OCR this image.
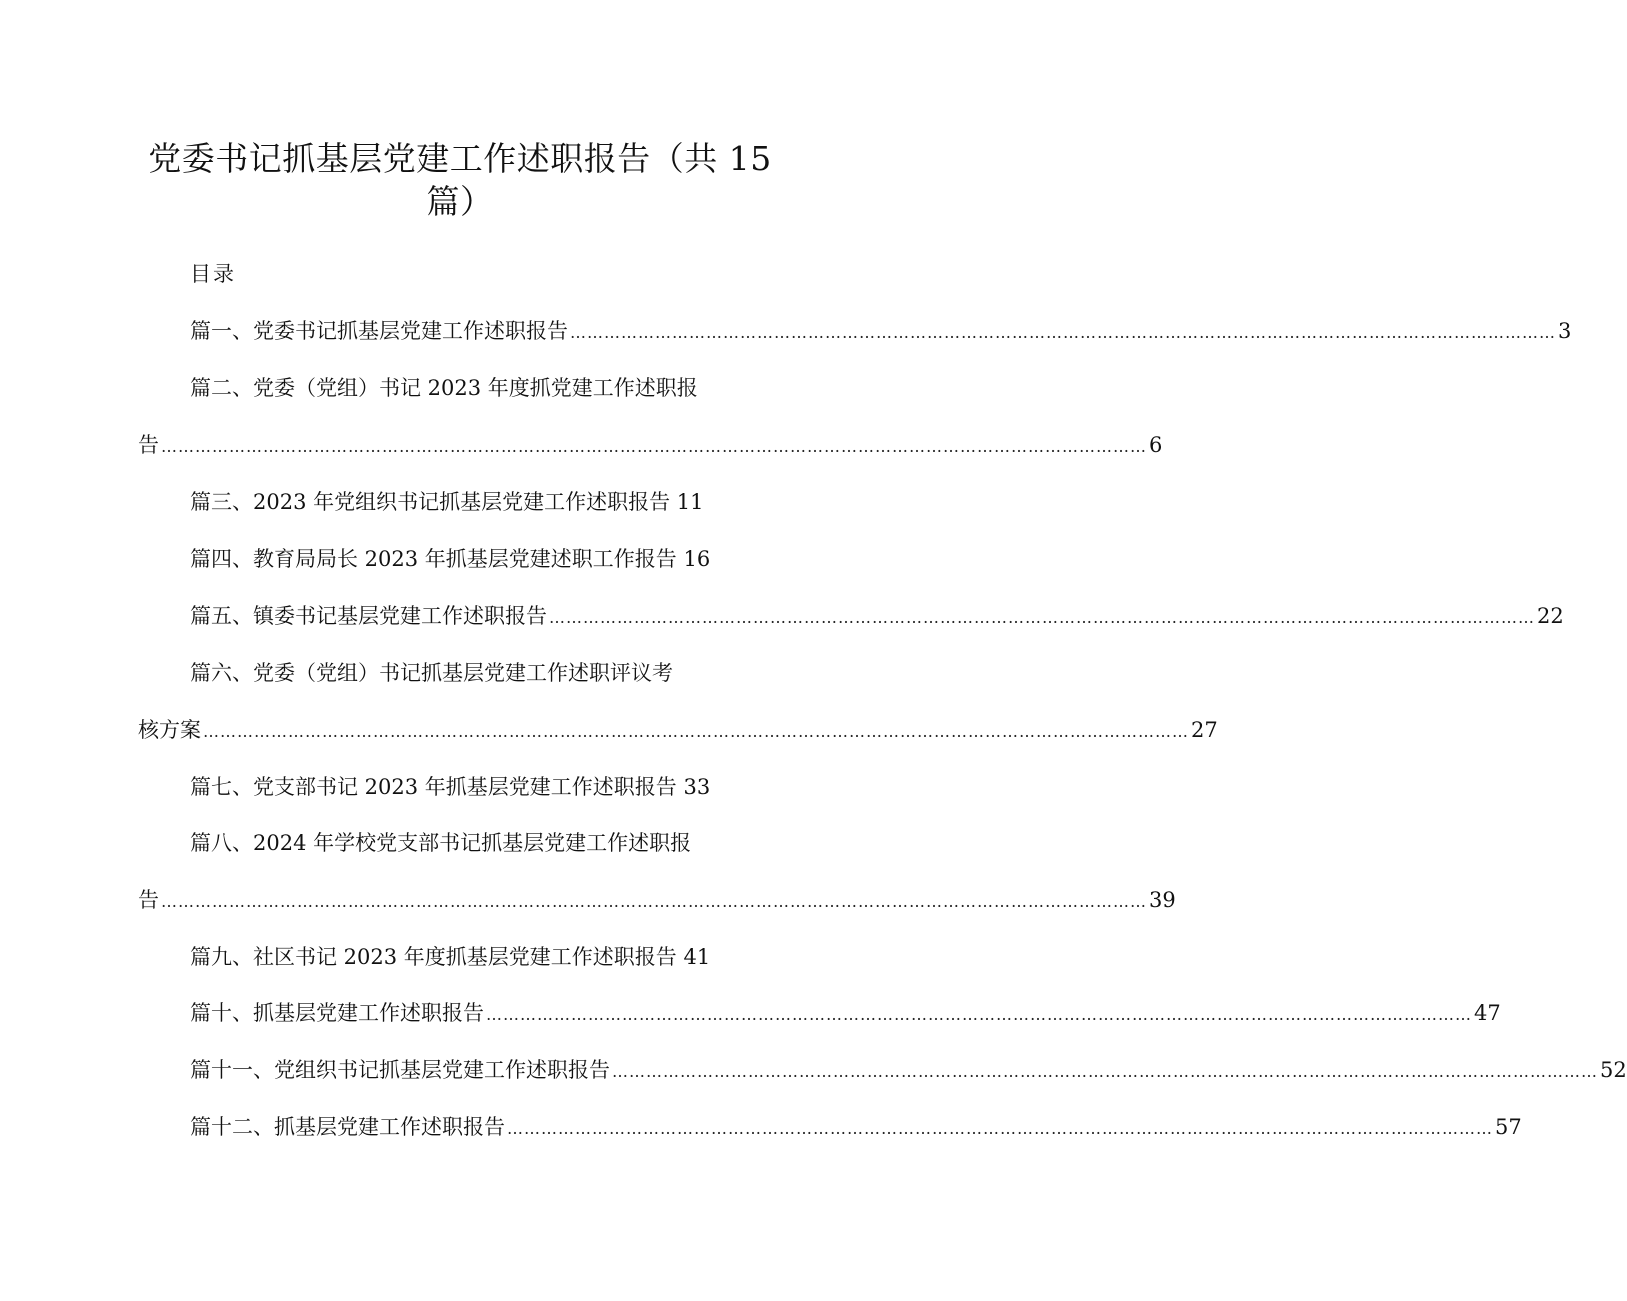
党委书记抓基层党建工作述职报告（共 15
篇）
目录
篇一、党委书记抓基层党建工作述职报告 ………………………………………………………………………………………………………………………………………………………… 3
篇二、党委（党组）书记 2023 年度抓党建工作述职报
告 ………………………………………………………………………………………………………………………………………………………… 6
篇三、2023 年党组织书记抓基层党建工作述职报告 11
篇四、教育局局长 2023 年抓基层党建述职工作报告 16
篇五、镇委书记基层党建工作述职报告 ………………………………………………………………………………………………………………………………………………………… 22
篇六、党委（党组）书记抓基层党建工作述职评议考
核方案 ………………………………………………………………………………………………………………………………………………………… 27
篇七、党支部书记 2023 年抓基层党建工作述职报告 33
篇八、2024 年学校党支部书记抓基层党建工作述职报
告 ………………………………………………………………………………………………………………………………………………………… 39
篇九、社区书记 2023 年度抓基层党建工作述职报告 41
篇十、抓基层党建工作述职报告 ………………………………………………………………………………………………………………………………………………………… 47
篇十一、党组织书记抓基层党建工作述职报告 ………………………………………………………………………………………………………………………………………………………… 52
篇十二、抓基层党建工作述职报告 ………………………………………………………………………………………………………………………………………………………… 57
